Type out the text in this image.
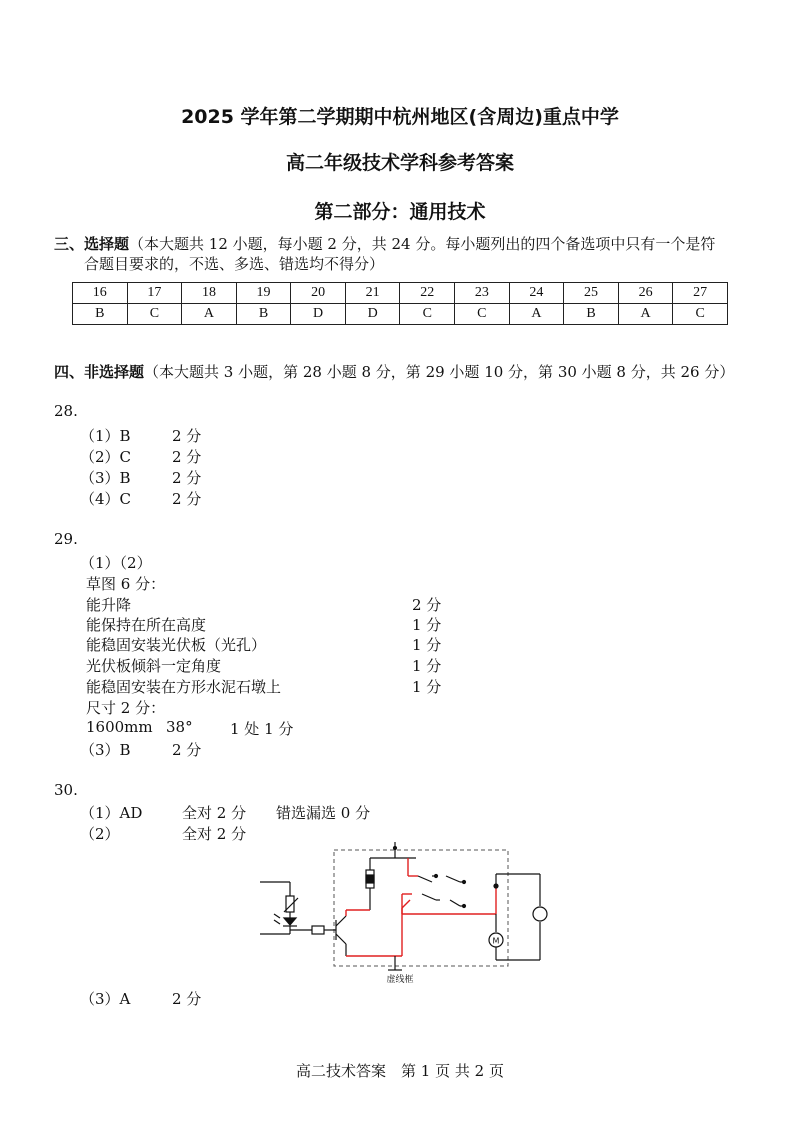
2025 学年第二学期期中杭州地区(含周边)重点中学
高二年级技术学科参考答案
第二部分：通用技术
三、选择题（本大题共 12 小题，每小题 2 分，共 24 分。每小题列出的四个备选项中只有一个是符
合题目要求的，不选、多选、错选均不得分）
16	17	18	19	20	21	22	23	24	25	26	27
B	C	A	B	D	D	C	C	A	B	A	C
四、非选择题（本大题共 3 小题，第 28 小题 8 分，第 29 小题 10 分，第 30 小题 8 分，共 26 分）
28.
（1）B	2 分
（2）C	2 分
（3）B	2 分
（4）C	2 分
29.
（1）（2）
草图 6 分：
能升降	2 分
能保持在所在高度	1 分
能稳固安装光伏板（光孔）	1 分
光伏板倾斜一定角度	1 分
能稳固安装在方形水泥石墩上	1 分
尺寸 2 分：
1600mm 38° 1 处 1 分
（3）B	2 分
30.
（1）AD	全对 2 分 错选漏选 0 分
（2）	全对 2 分
M
虚线框
（3）A	2 分
高二技术答案　第 1 页 共 2 页
